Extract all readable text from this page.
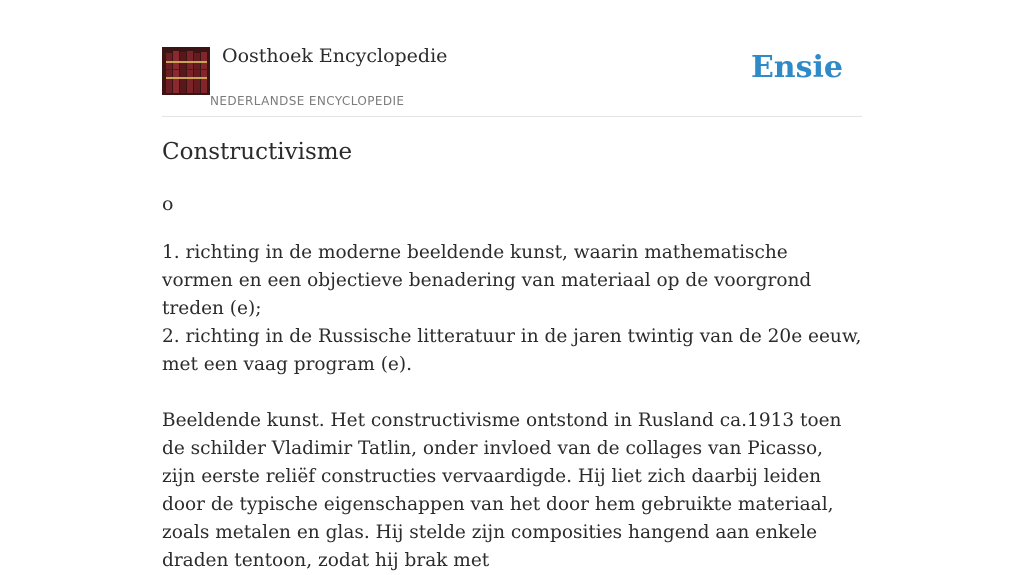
Oosthoek Encyclopedie
NEDERLANDSE ENCYCLOPEDIE
Ensie
Constructivisme
o

1. richting in de moderne beeldende kunst, waarin mathematische vormen en een objectieve benadering van materiaal op de voorgrond treden (e);

2. richting in de Russische litteratuur in de jaren twintig van de 20e eeuw, met een vaag program (e).

Beeldende kunst. Het constructivisme ontstond in Rusland ca.1913 toen de schilder Vladimir Tatlin, onder invloed van de collages van Picasso, zijn eerste reliëf constructies vervaardigde. Hij liet zich daarbij leiden door de typische eigenschappen van het door hem gebruikte materiaal, zoals metalen en glas. Hij stelde zijn composities hangend aan enkele draden tentoon, zodat hij brak met
